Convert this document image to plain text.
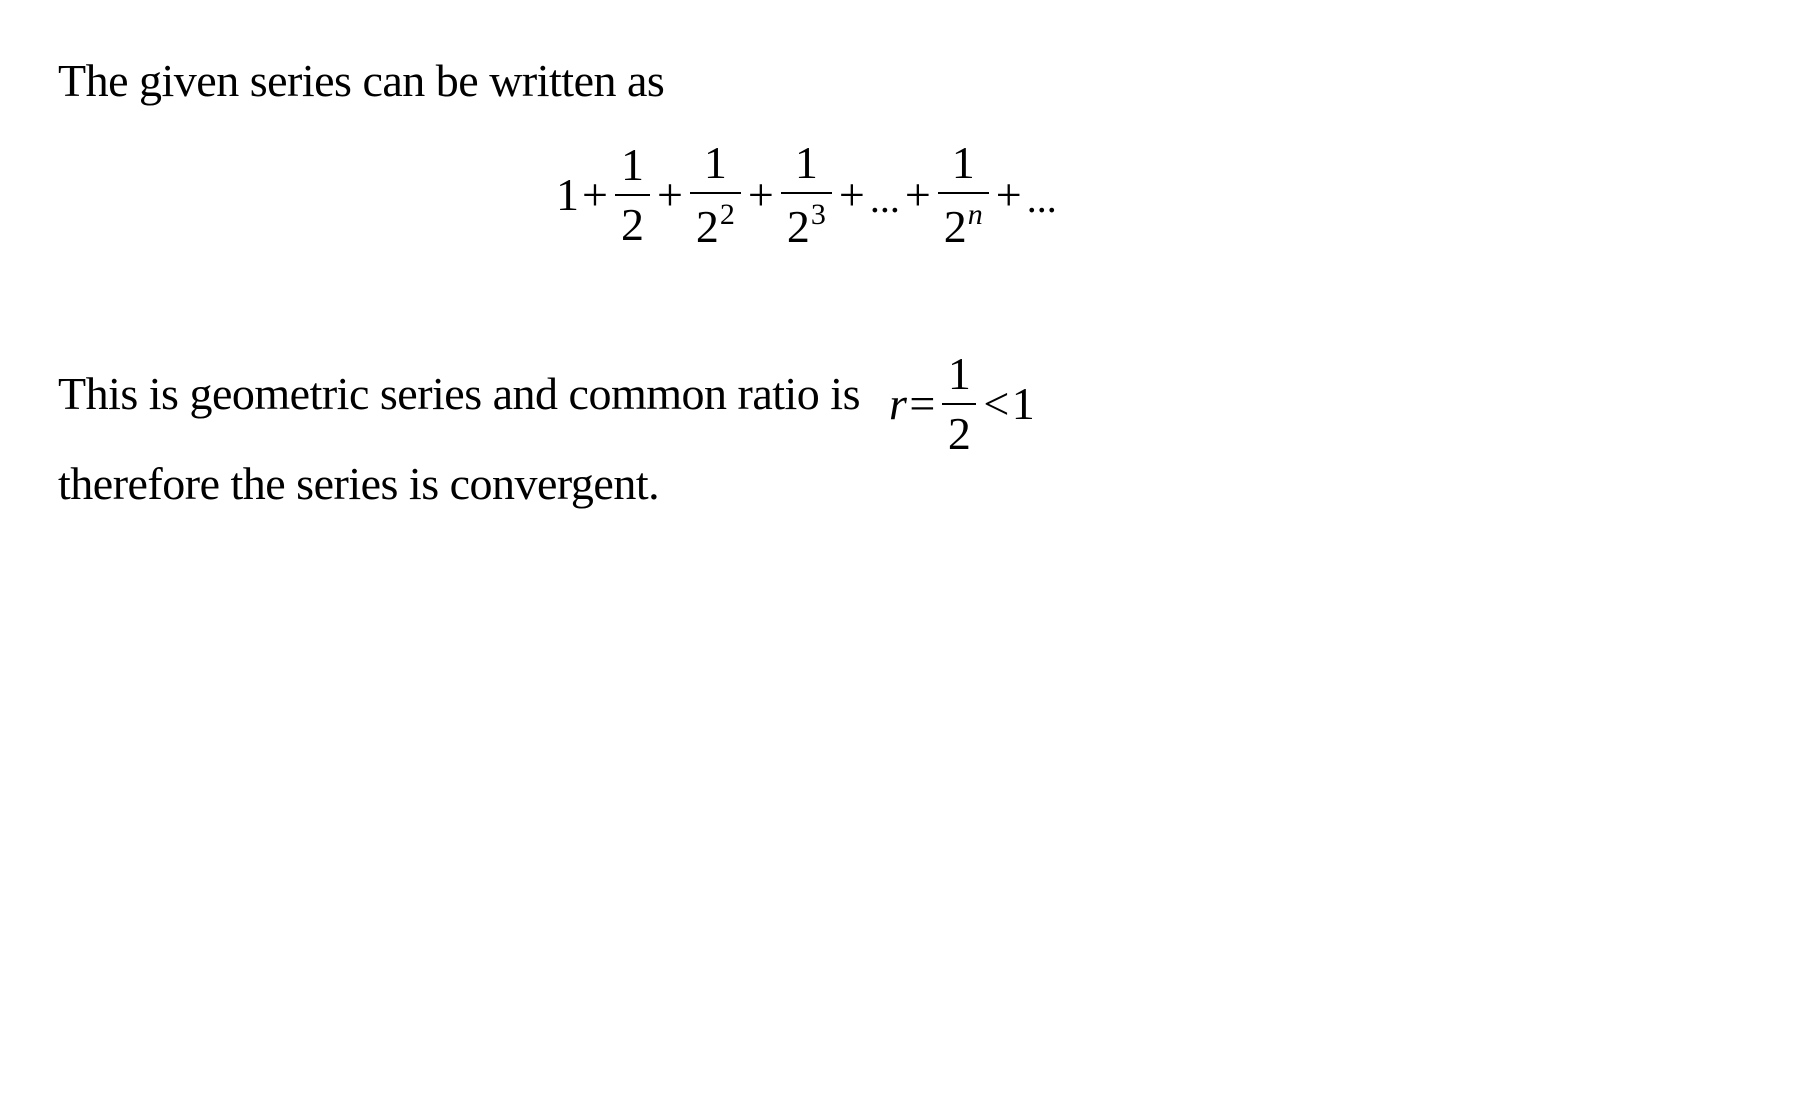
The given series can be written as
$1 + \frac{1}{2} + \frac{1}{2^2} + \frac{1}{2^3}$ + ... + $\frac{1}{2^n}$ + ...
This is geometric series and common ratio is $r = \frac{1}{2} < 1$
therefore the series is convergent.
